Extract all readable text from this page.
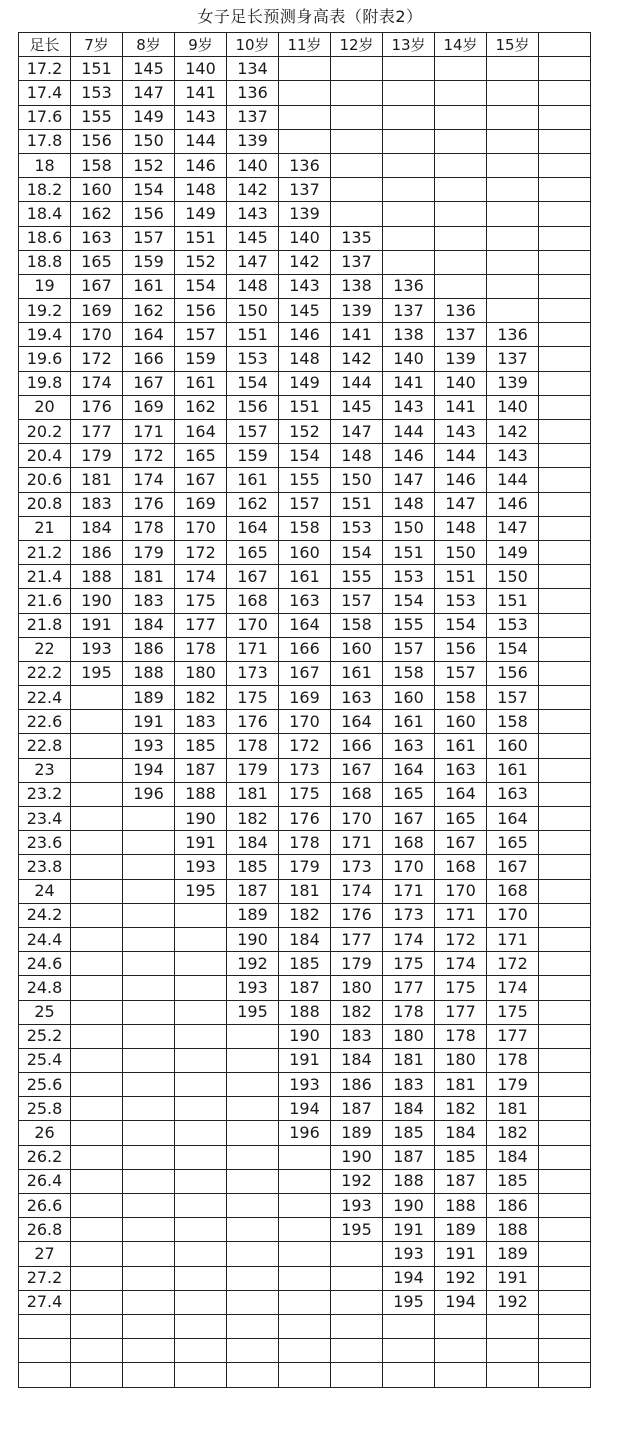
女子足长预测身高表（附表2）
足长	7岁	8岁	9岁	10岁	11岁	12岁	13岁	14岁	15岁	
17.2	151	145	140	134						
17.4	153	147	141	136						
17.6	155	149	143	137						
17.8	156	150	144	139						
18	158	152	146	140	136					
18.2	160	154	148	142	137					
18.4	162	156	149	143	139					
18.6	163	157	151	145	140	135				
18.8	165	159	152	147	142	137				
19	167	161	154	148	143	138	136			
19.2	169	162	156	150	145	139	137	136		
19.4	170	164	157	151	146	141	138	137	136	
19.6	172	166	159	153	148	142	140	139	137	
19.8	174	167	161	154	149	144	141	140	139	
20	176	169	162	156	151	145	143	141	140	
20.2	177	171	164	157	152	147	144	143	142	
20.4	179	172	165	159	154	148	146	144	143	
20.6	181	174	167	161	155	150	147	146	144	
20.8	183	176	169	162	157	151	148	147	146	
21	184	178	170	164	158	153	150	148	147	
21.2	186	179	172	165	160	154	151	150	149	
21.4	188	181	174	167	161	155	153	151	150	
21.6	190	183	175	168	163	157	154	153	151	
21.8	191	184	177	170	164	158	155	154	153	
22	193	186	178	171	166	160	157	156	154	
22.2	195	188	180	173	167	161	158	157	156	
22.4		189	182	175	169	163	160	158	157	
22.6		191	183	176	170	164	161	160	158	
22.8		193	185	178	172	166	163	161	160	
23		194	187	179	173	167	164	163	161	
23.2		196	188	181	175	168	165	164	163	
23.4			190	182	176	170	167	165	164	
23.6			191	184	178	171	168	167	165	
23.8			193	185	179	173	170	168	167	
24			195	187	181	174	171	170	168	
24.2				189	182	176	173	171	170	
24.4				190	184	177	174	172	171	
24.6				192	185	179	175	174	172	
24.8				193	187	180	177	175	174	
25				195	188	182	178	177	175	
25.2					190	183	180	178	177	
25.4					191	184	181	180	178	
25.6					193	186	183	181	179	
25.8					194	187	184	182	181	
26					196	189	185	184	182	
26.2						190	187	185	184	
26.4						192	188	187	185	
26.6						193	190	188	186	
26.8						195	191	189	188	
27							193	191	189	
27.2							194	192	191	
27.4							195	194	192	
